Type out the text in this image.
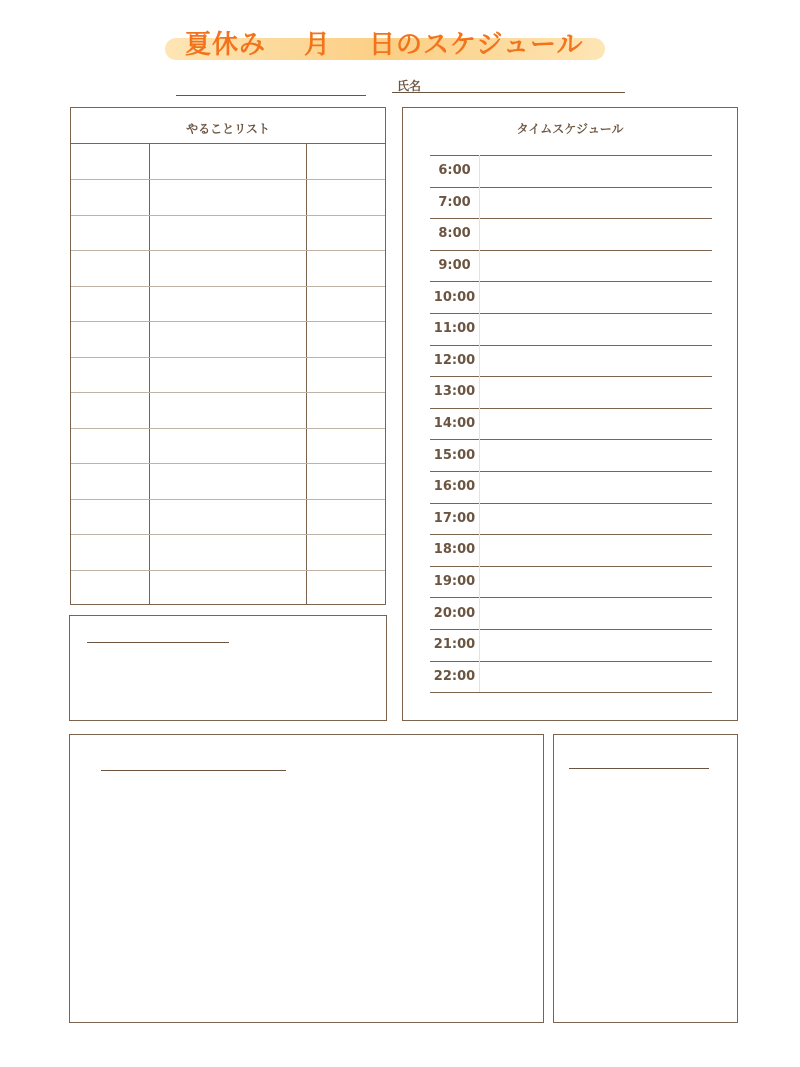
夏休み 月 日のスケジュール
氏名
やることリスト	タイムスケジュール
6:00
7:00
8:00
9:00
10:00
11:00
12:00
13:00
14:00
15:00
16:00
17:00
18:00
19:00
20:00
21:00
22:00
